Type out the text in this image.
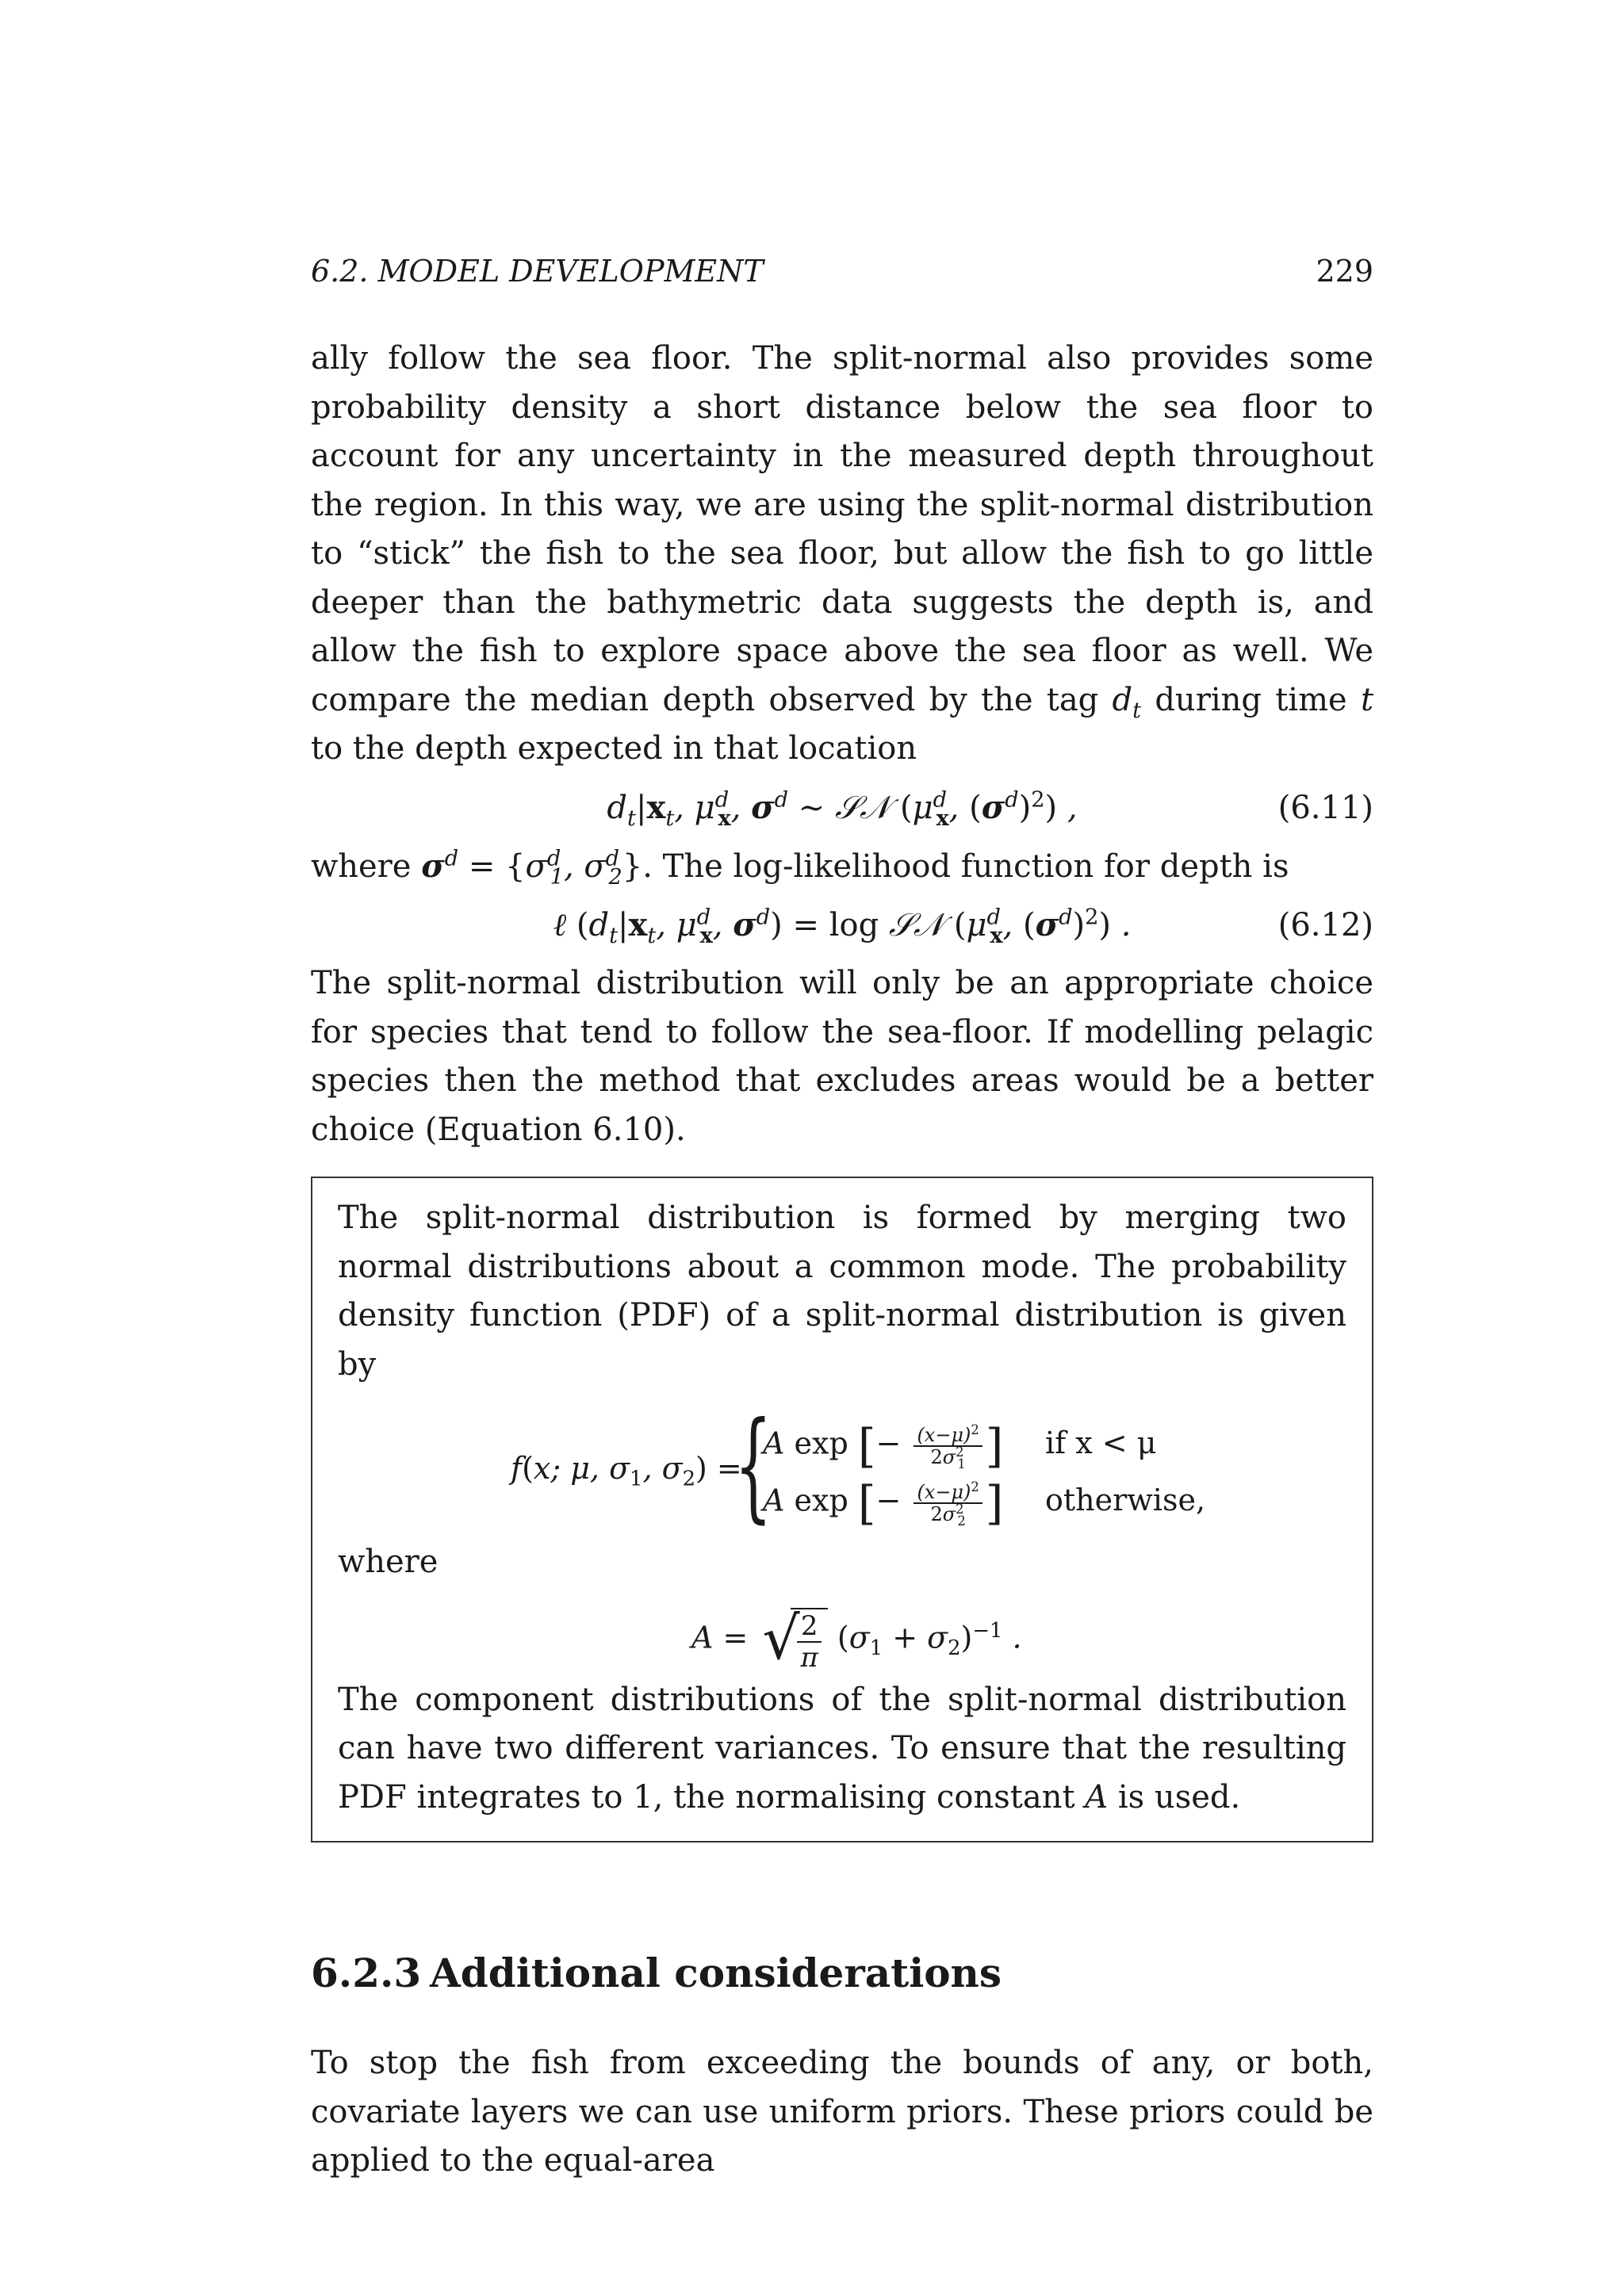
6.2. MODEL DEVELOPMENT	229

ally follow the sea floor. The split-normal also provides some probability density a short distance below the sea floor to account for any uncertainty in the measured depth throughout the region. In this way, we are using the split-normal distribution to “stick” the fish to the sea floor, but allow the fish to go little deeper than the bathymetric data suggests the depth is, and allow the fish to explore space above the sea floor as well. We compare the median depth observed by the tag $d_t$ during time t to the depth expected in that location

$d_t|x_t$, $\mu^d_x$, $\sigma^d$ ∼ 𝒮𝒩 ($\mu^d_x$, $(\sigma^d)^2$) ,	(6.11)

where $\sigma^d = \{\sigma^d_1$, $\sigma^d_2$}. The log-likelihood function for depth is

ℓ ($d_t|x_t$, $\mu^d_x$, $\sigma^d) = \log$ 𝒮𝒩 ($\mu^d_x$, $(\sigma^d)^2$) .	(6.12)

The split-normal distribution will only be an appropriate choice for species that tend to follow the sea-floor. If modelling pelagic species then the method that excludes areas would be a better choice (Equation 6.10).

The split-normal distribution is formed by merging two normal distributions about a common mode. The probability density function (PDF) of a split-normal distribution is given by

f(x; μ, $\sigma_1$, $\sigma_2$) =
{
A exp [− $\frac{(x-\mu)^2}{2\sigma^2_1}$ ]
A exp [− $\frac{(x-\mu)^2}{2\sigma^2_2}$ ]
if x < μ
otherwise,

where

A = √
$\frac{2}{\pi} (\sigma_1 + \sigma_2)^{-1}$ .

The component distributions of the split-normal distribution can have two different variances. To ensure that the resulting PDF integrates to 1, the normalising constant A is used.

6.2.3 Additional considerations

To stop the fish from exceeding the bounds of any, or both, covariate layers we can use uniform priors. These priors could be applied to the equal-area
